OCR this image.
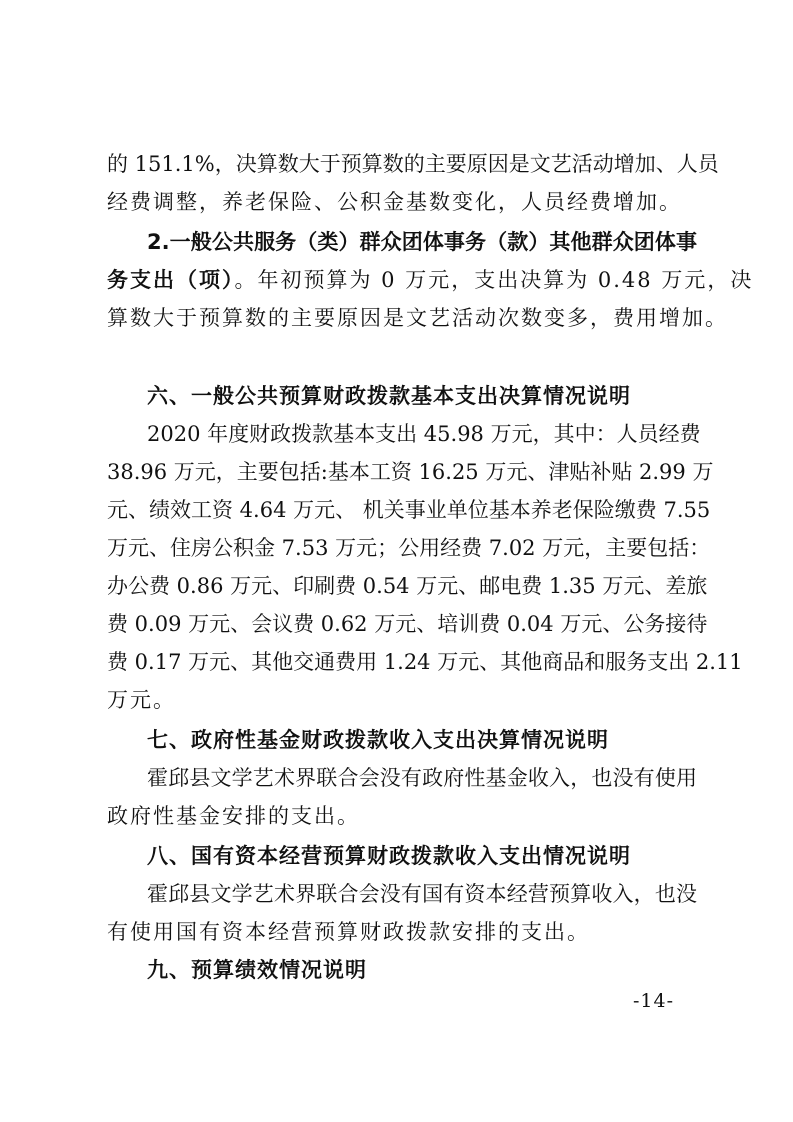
的 151.1%，决算数大于预算数的主要原因是文艺活动增加、人员

经费调整，养老保险、公积金基数变化，人员经费增加。

2.一般公共服务（类）群众团体事务（款）其他群众团体事

务支出（项）。年初预算为 0 万元，支出决算为 0.48 万元，决

算数大于预算数的主要原因是文艺活动次数变多，费用增加。

六、一般公共预算财政拨款基本支出决算情况说明

2020 年度财政拨款基本支出 45.98 万元，其中：人员经费

38.96 万元，主要包括:基本工资 16.25 万元、津贴补贴 2.99 万

元、绩效工资 4.64 万元、 机关事业单位基本养老保险缴费 7.55

万元、住房公积金 7.53 万元；公用经费 7.02 万元，主要包括：

办公费 0.86 万元、印刷费 0.54 万元、邮电费 1.35 万元、差旅

费 0.09 万元、会议费 0.62 万元、培训费 0.04 万元、公务接待

费 0.17 万元、其他交通费用 1.24 万元、其他商品和服务支出 2.11

万元。

七、政府性基金财政拨款收入支出决算情况说明

霍邱县文学艺术界联合会没有政府性基金收入，也没有使用

政府性基金安排的支出。

八、国有资本经营预算财政拨款收入支出情况说明

霍邱县文学艺术界联合会没有国有资本经营预算收入，也没

有使用国有资本经营预算财政拨款安排的支出。

九、预算绩效情况说明

-14-
